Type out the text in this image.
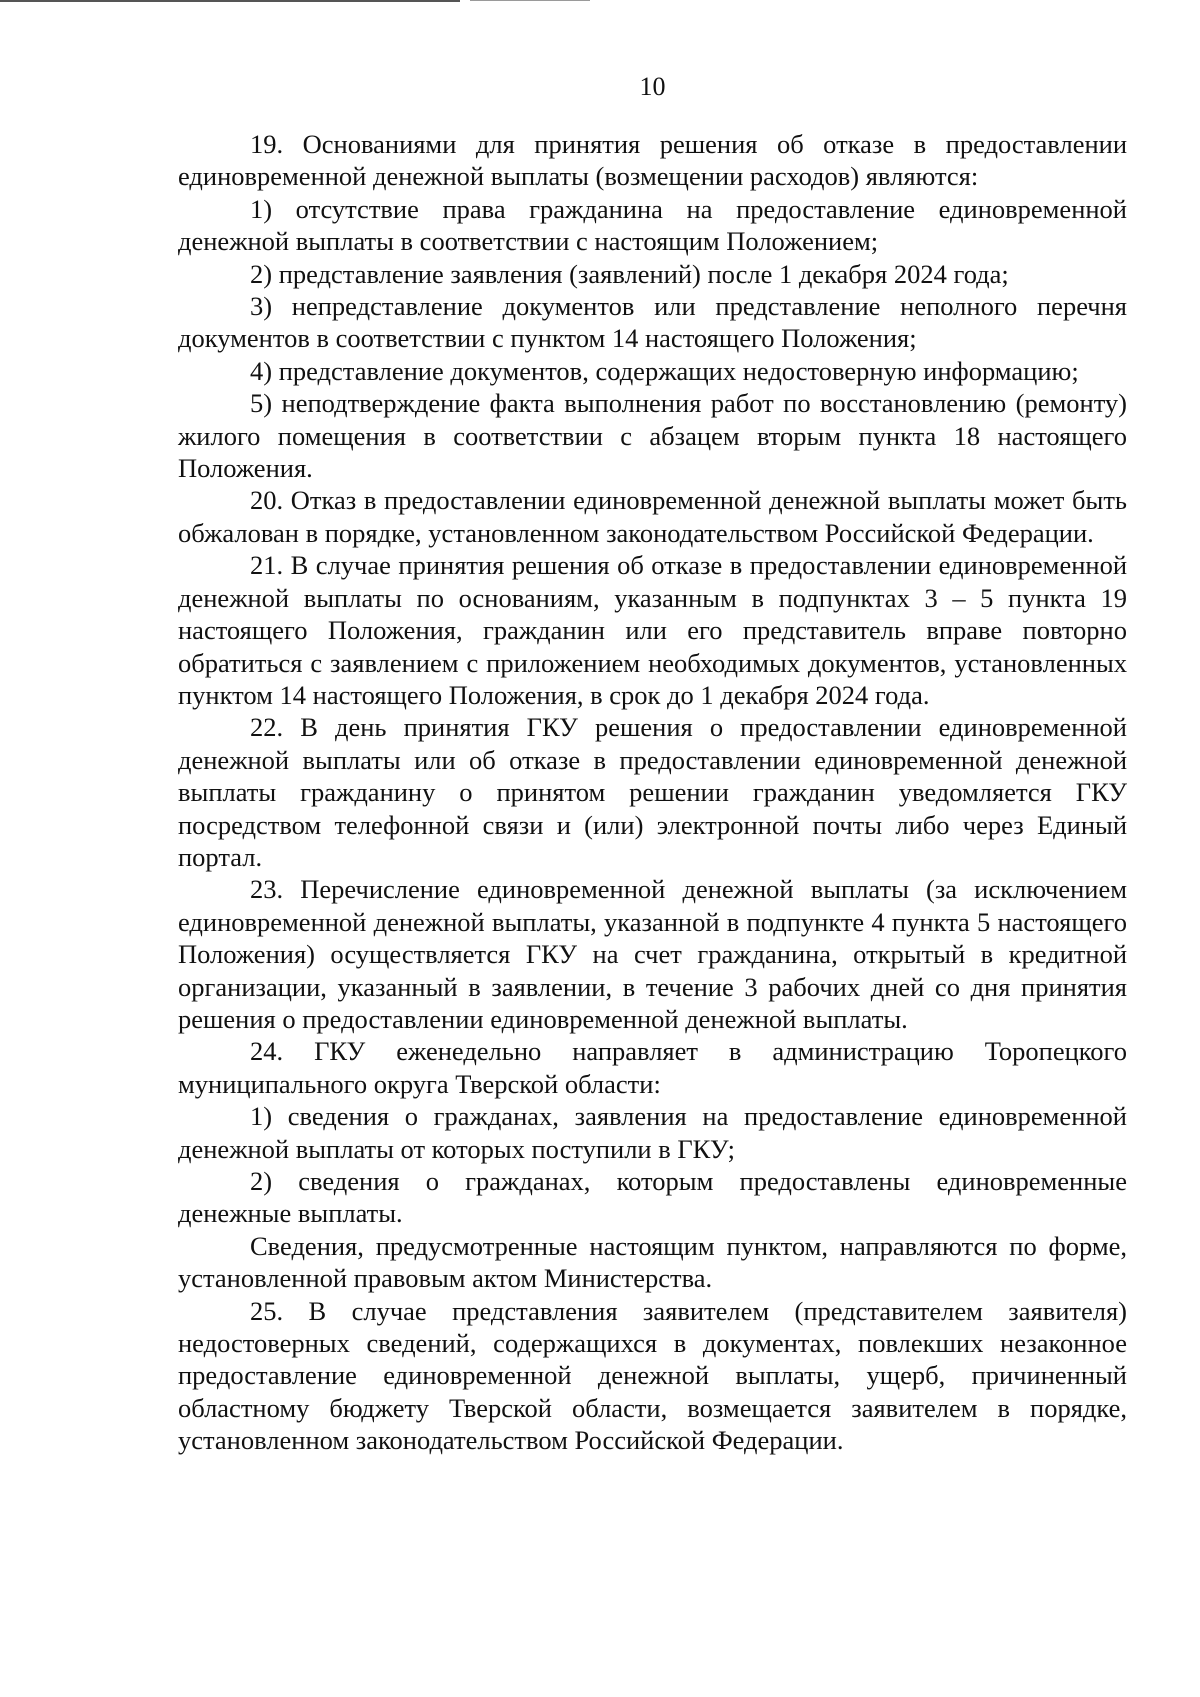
10

19. Основаниями для принятия решения об отказе в предоставлении единовременной денежной выплаты (возмещении расходов) являются:

1) отсутствие права гражданина на предоставление единовременной денежной выплаты в соответствии с настоящим Положением;

2) представление заявления (заявлений) после 1 декабря 2024 года;

3) непредставление документов или представление неполного перечня документов в соответствии с пунктом 14 настоящего Положения;

4) представление документов, содержащих недостоверную информацию;

5) неподтверждение факта выполнения работ по восстановлению (ремонту) жилого помещения в соответствии с абзацем вторым пункта 18 настоящего Положения.

20. Отказ в предоставлении единовременной денежной выплаты может быть обжалован в порядке, установленном законодательством Российской Федерации.

21. В случае принятия решения об отказе в предоставлении единовременной денежной выплаты по основаниям, указанным в подпунктах 3 – 5 пункта 19 настоящего Положения, гражданин или его представитель вправе повторно обратиться с заявлением с приложением необходимых документов, установленных пунктом 14 настоящего Положения, в срок до 1 декабря 2024 года.

22. В день принятия ГКУ решения о предоставлении единовременной денежной выплаты или об отказе в предоставлении единовременной денежной выплаты гражданину о принятом решении гражданин уведомляется ГКУ посредством телефонной связи и (или) электронной почты либо через Единый портал.

23. Перечисление единовременной денежной выплаты (за исключением единовременной денежной выплаты, указанной в подпункте 4 пункта 5 настоящего Положения) осуществляется ГКУ на счет гражданина, открытый в кредитной организации, указанный в заявлении, в течение 3 рабочих дней со дня принятия решения о предоставлении единовременной денежной выплаты.

24. ГКУ еженедельно направляет в администрацию Торопецкого муниципального округа Тверской области:

1) сведения о гражданах, заявления на предоставление единовременной денежной выплаты от которых поступили в ГКУ;

2) сведения о гражданах, которым предоставлены единовременные денежные выплаты.

Сведения, предусмотренные настоящим пунктом, направляются по форме, установленной правовым актом Министерства.

25. В случае представления заявителем (представителем заявителя) недостоверных сведений, содержащихся в документах, повлекших незаконное предоставление единовременной денежной выплаты, ущерб, причиненный областному бюджету Тверской области, возмещается заявителем в порядке, установленном законодательством Российской Федерации.
